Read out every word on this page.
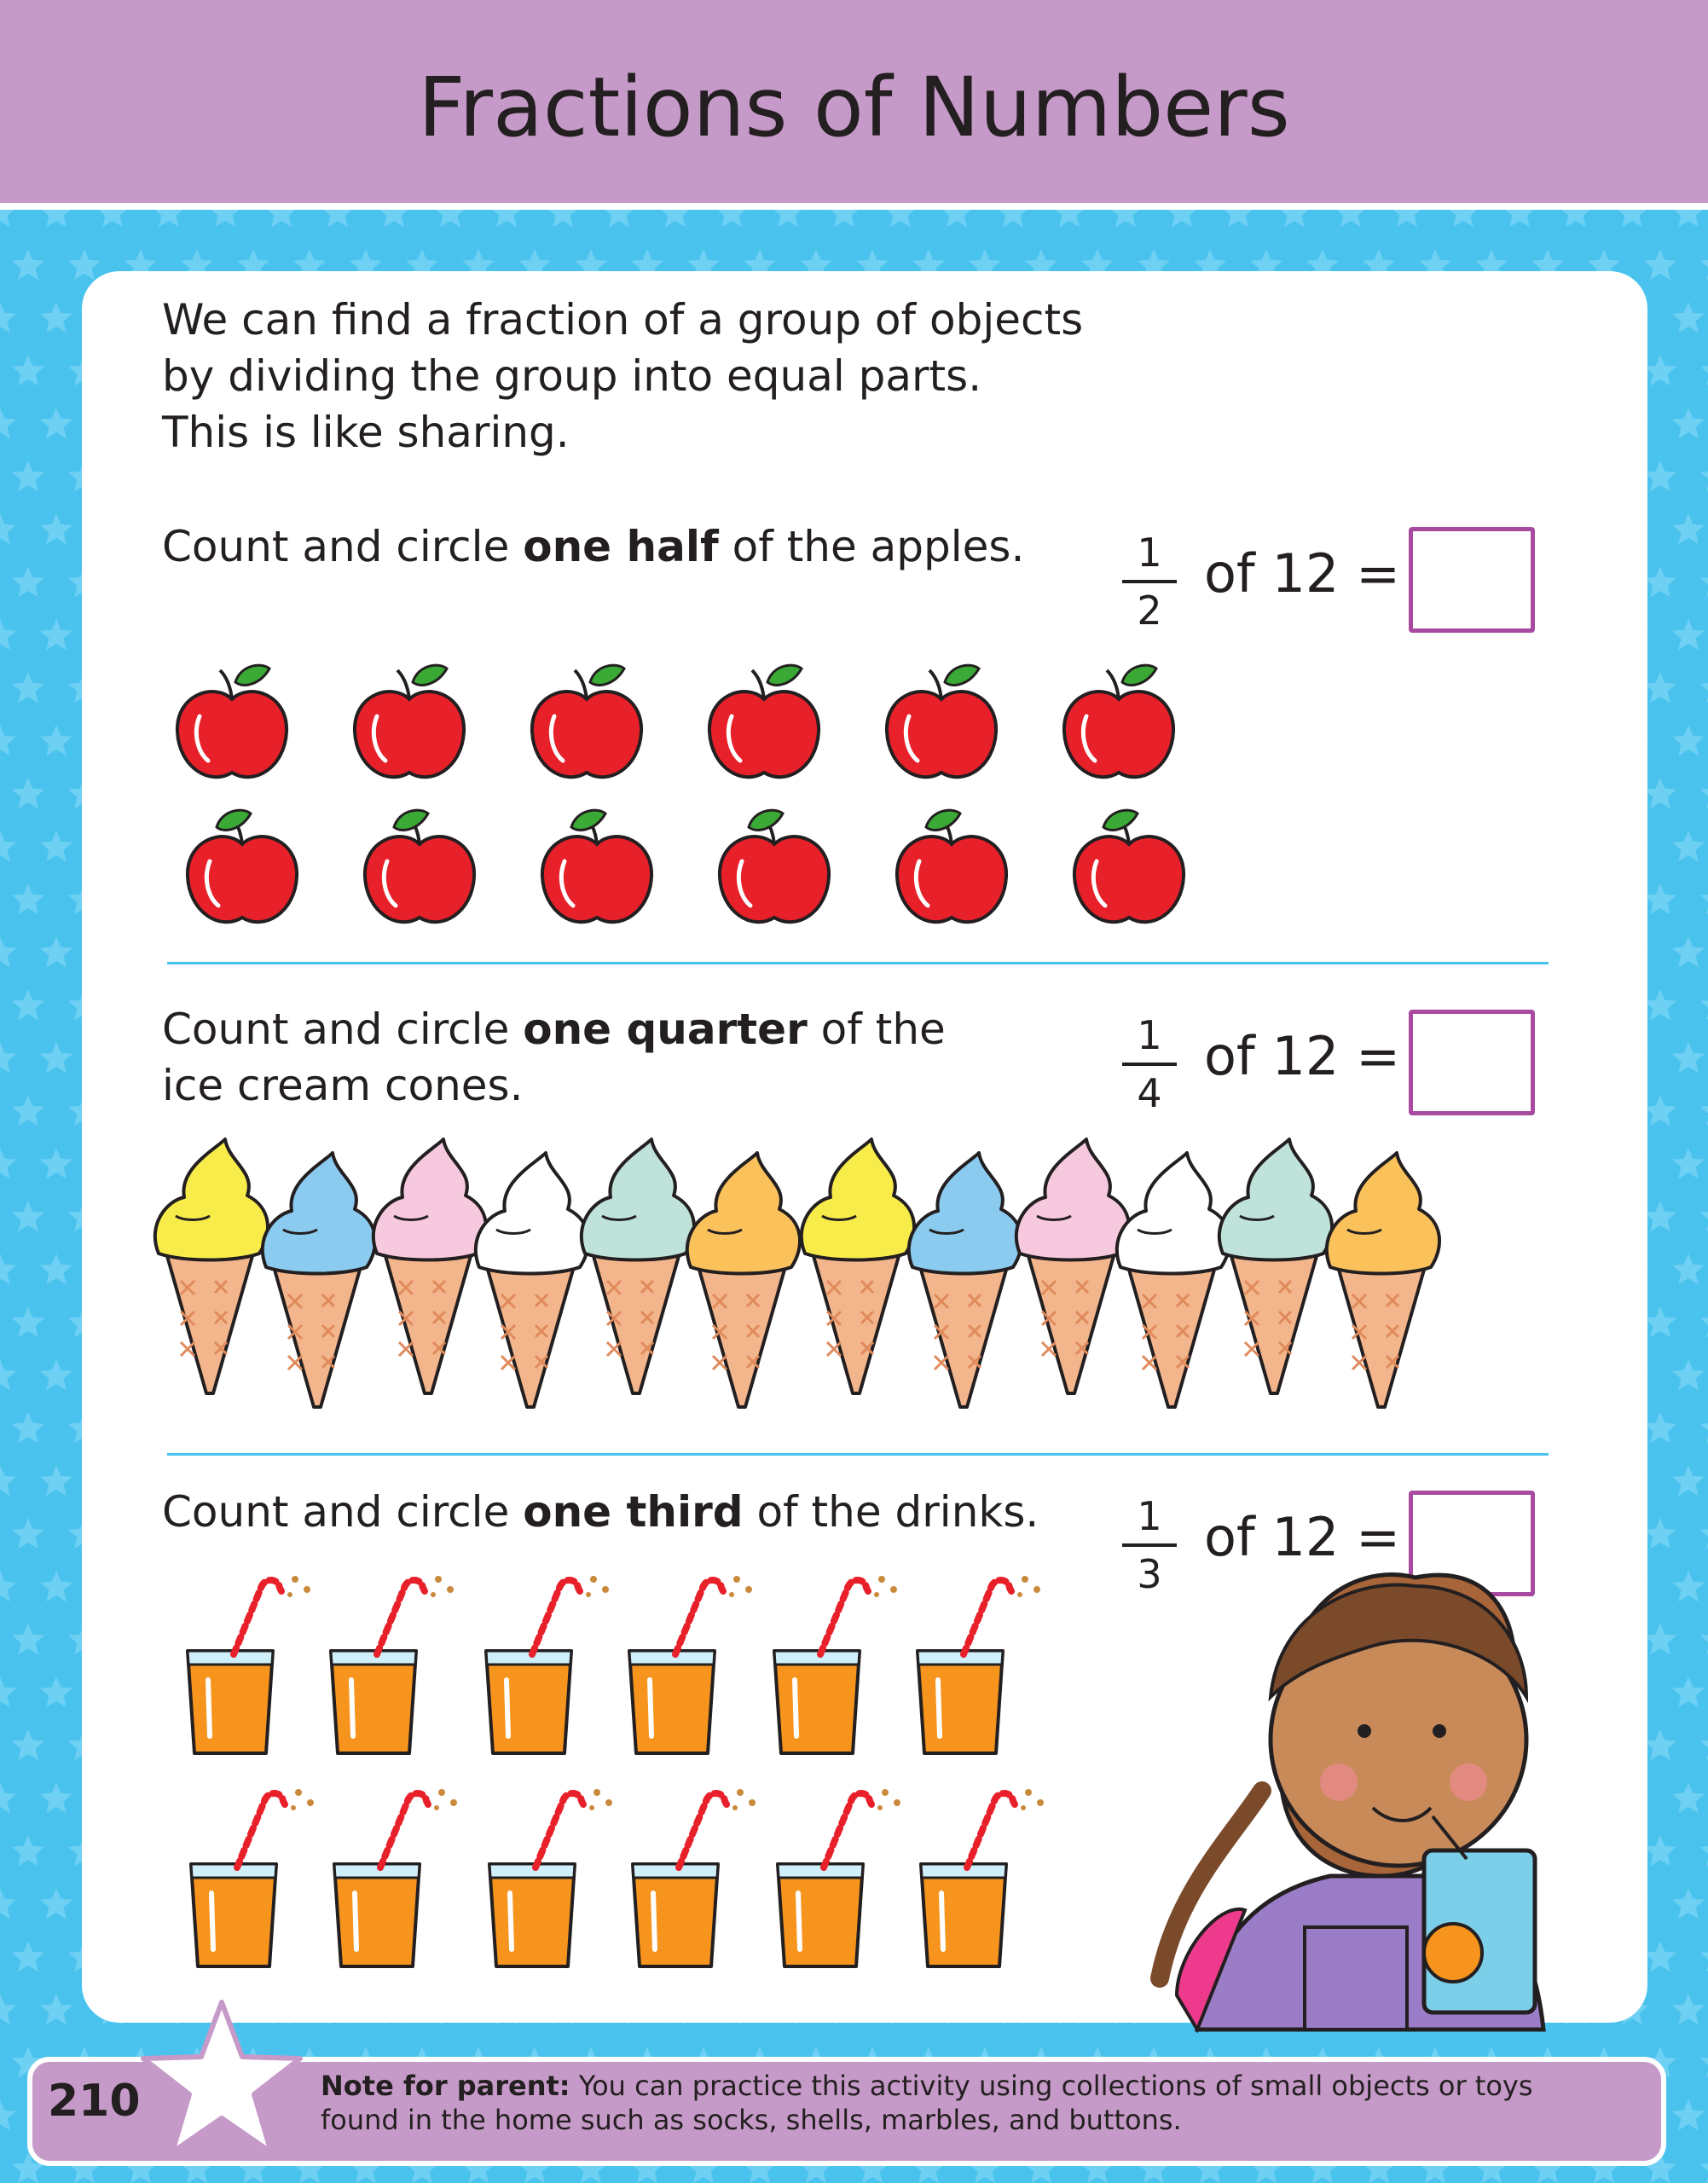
Fractions of Numbers
We can find a fraction of a group of objects
by dividing the group into equal parts.
This is like sharing.
Count and circle one half of the apples.	1
2
of 12 =
Count and circle one quarter of the
ice cream cones.
1
4
of 12 =
Count and circle one third of the drinks.	1
3
of 12 =
210	Note for parent: You can practice this activity using collections of small objects or toys found in the home such as socks, shells, marbles, and buttons.
